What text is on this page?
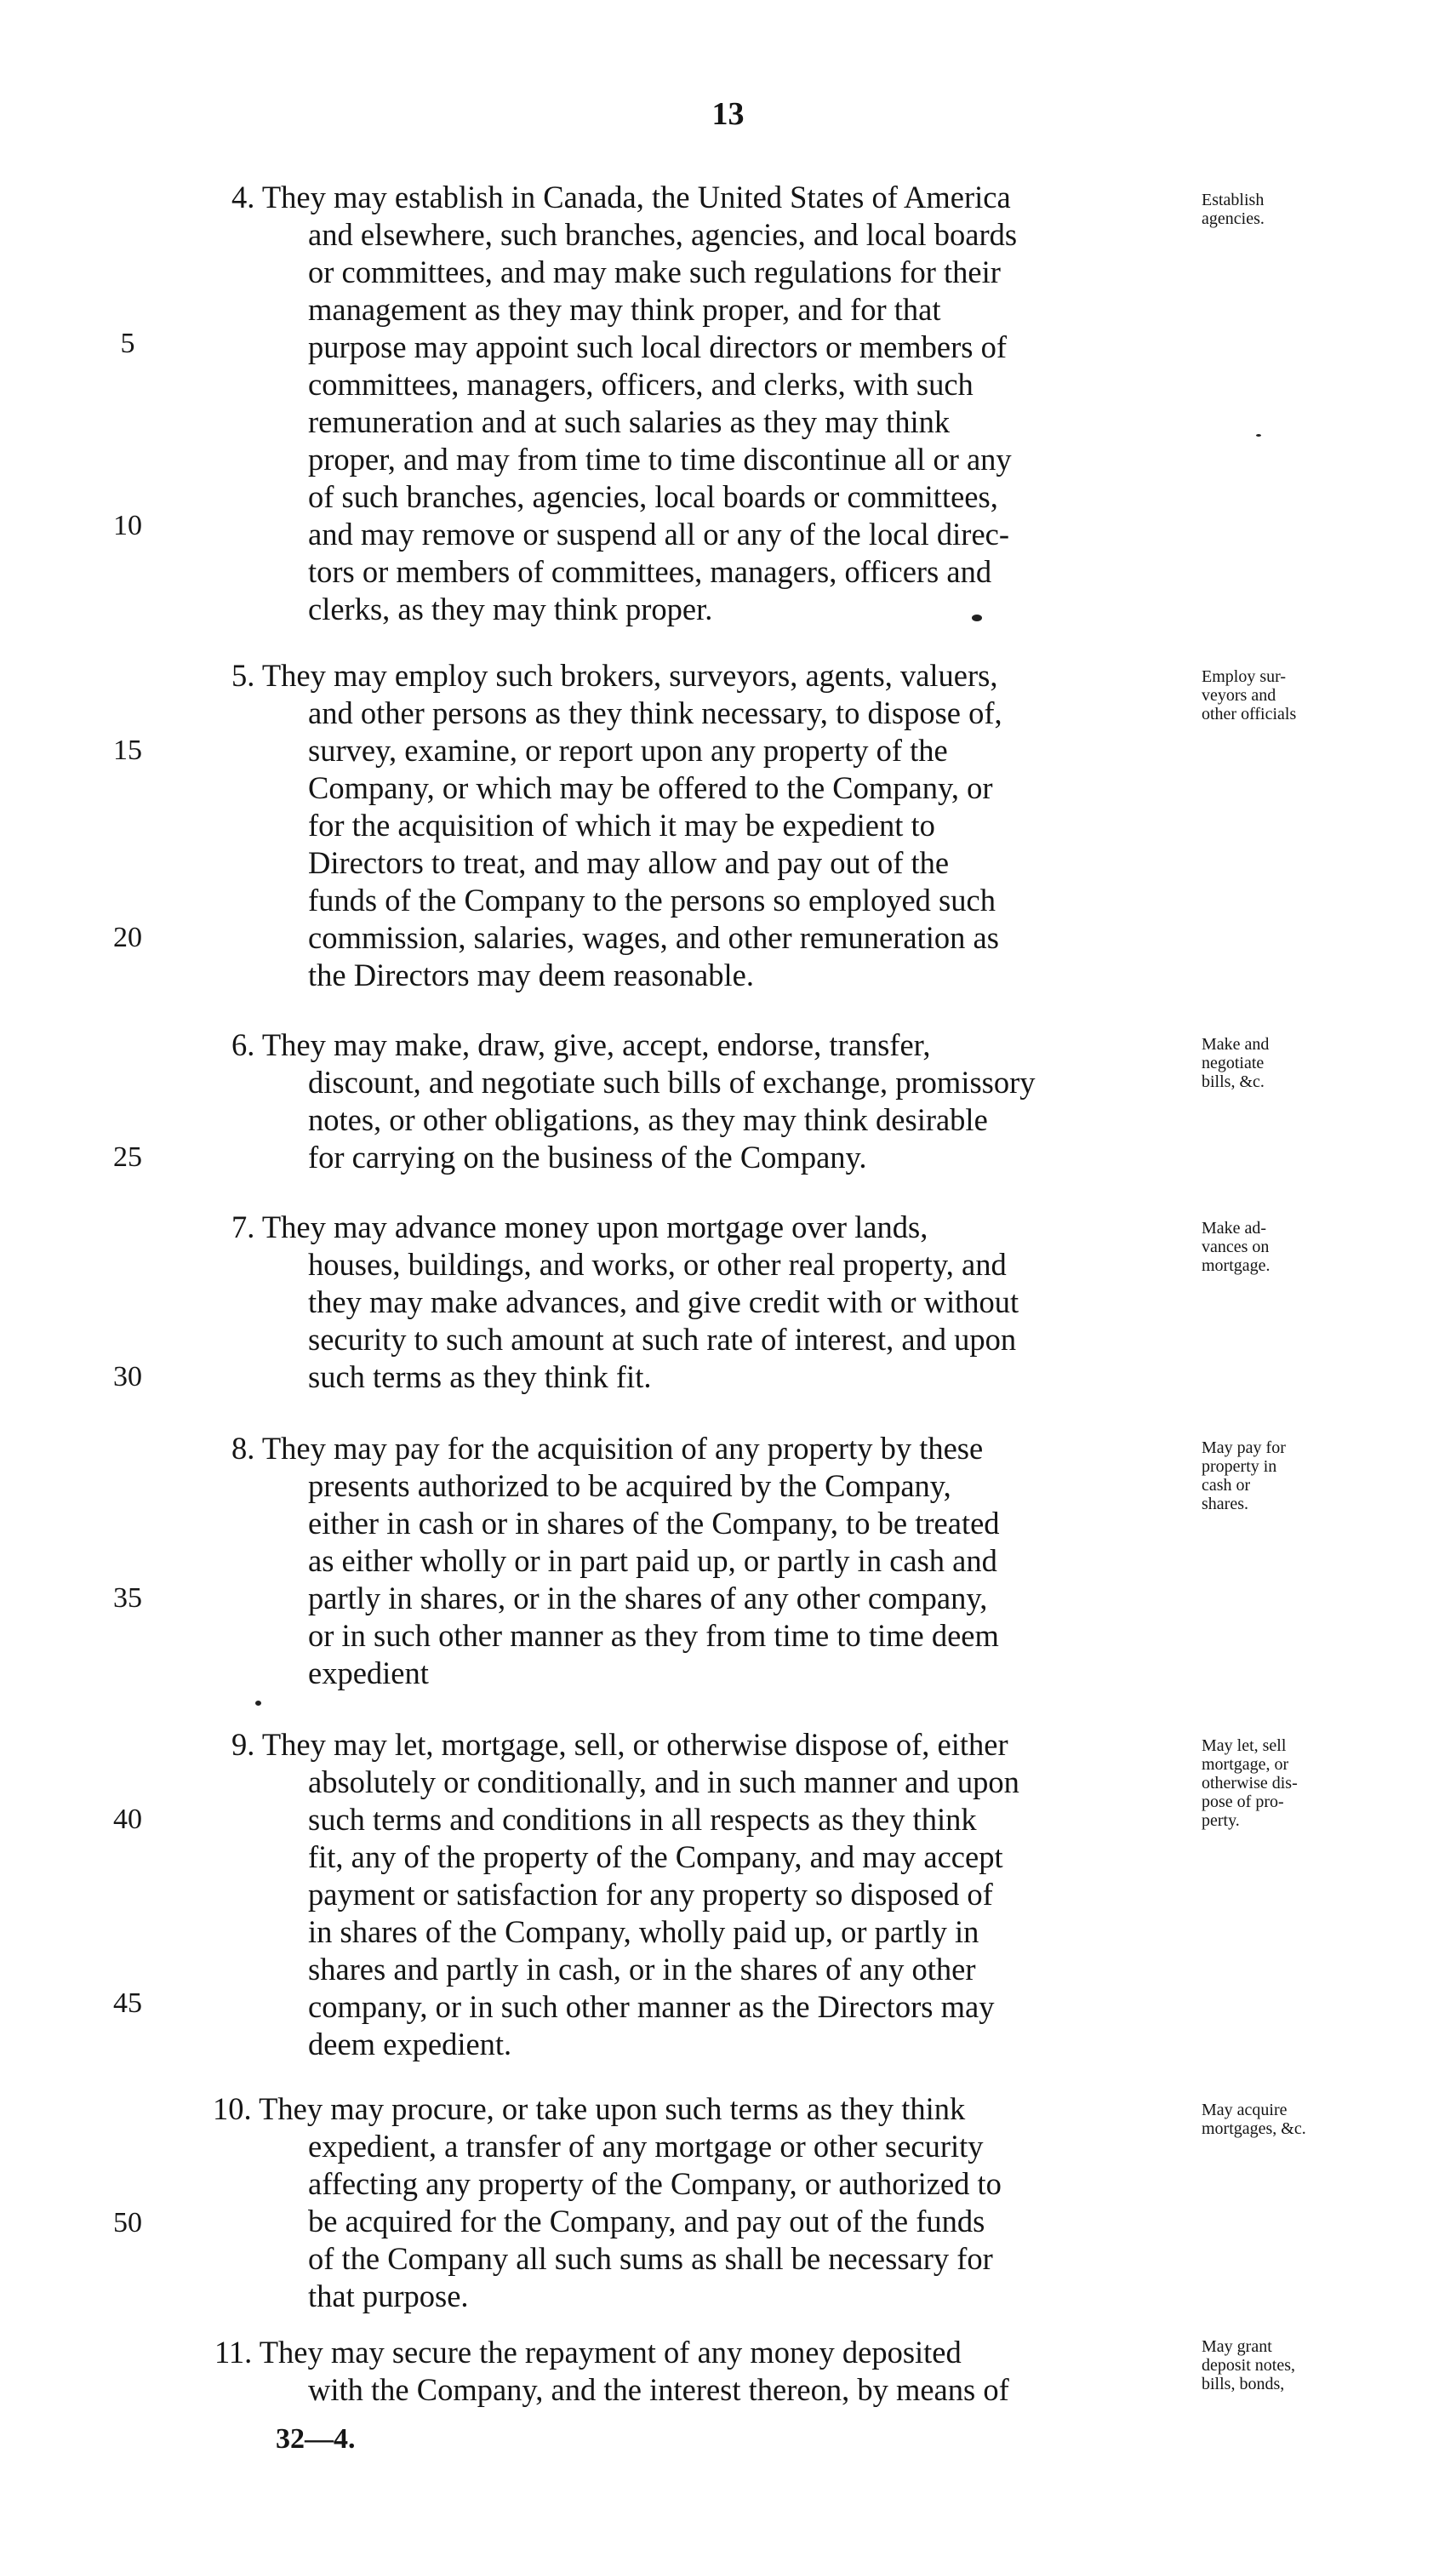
13
4. They may establish in Canada, the United States of America
and elsewhere, such branches, agencies, and local boards
or committees, and may make such regulations for their
management as they may think proper, and for that
purpose may appoint such local directors or members of
committees, managers, officers, and clerks, with such
remuneration and at such salaries as they may think
proper, and may from time to time discontinue all or any
of such branches, agencies, local boards or committees,
and may remove or suspend all or any of the local direc-
tors or members of committees, managers, officers and
clerks, as they may think proper.
Establish
agencies.
5. They may employ such brokers, surveyors, agents, valuers,
and other persons as they think necessary, to dispose of,
survey, examine, or report upon any property of the
Company, or which may be offered to the Company, or
for the acquisition of which it may be expedient to
Directors to treat, and may allow and pay out of the
funds of the Company to the persons so employed such
commission, salaries, wages, and other remuneration as
the Directors may deem reasonable.
Employ sur-
veyors and
other officials
6. They may make, draw, give, accept, endorse, transfer,
discount, and negotiate such bills of exchange, promissory
notes, or other obligations, as they may think desirable
for carrying on the business of the Company.
Make and
negotiate
bills, &c.
7. They may advance money upon mortgage over lands,
houses, buildings, and works, or other real property, and
they may make advances, and give credit with or without
security to such amount at such rate of interest, and upon
such terms as they think fit.
Make ad-
vances on
mortgage.
8. They may pay for the acquisition of any property by these
presents authorized to be acquired by the Company,
either in cash or in shares of the Company, to be treated
as either wholly or in part paid up, or partly in cash and
partly in shares, or in the shares of any other company,
or in such other manner as they from time to time deem
expedient
May pay for
property in
cash or
shares.
9. They may let, mortgage, sell, or otherwise dispose of, either
absolutely or conditionally, and in such manner and upon
such terms and conditions in all respects as they think
fit, any of the property of the Company, and may accept
payment or satisfaction for any property so disposed of
in shares of the Company, wholly paid up, or partly in
shares and partly in cash, or in the shares of any other
company, or in such other manner as the Directors may
deem expedient.
May let, sell
mortgage, or
otherwise dis-
pose of pro-
perty.
10. They may procure, or take upon such terms as they think
expedient, a transfer of any mortgage or other security
affecting any property of the Company, or authorized to
be acquired for the Company, and pay out of the funds
of the Company all such sums as shall be necessary for
that purpose.
May acquire
mortgages, &c.
11. They may secure the repayment of any money deposited
with the Company, and the interest thereon, by means of
May grant
deposit notes,
bills, bonds,
5
10
15
20
25
30
35
40
45
50
32—4.
